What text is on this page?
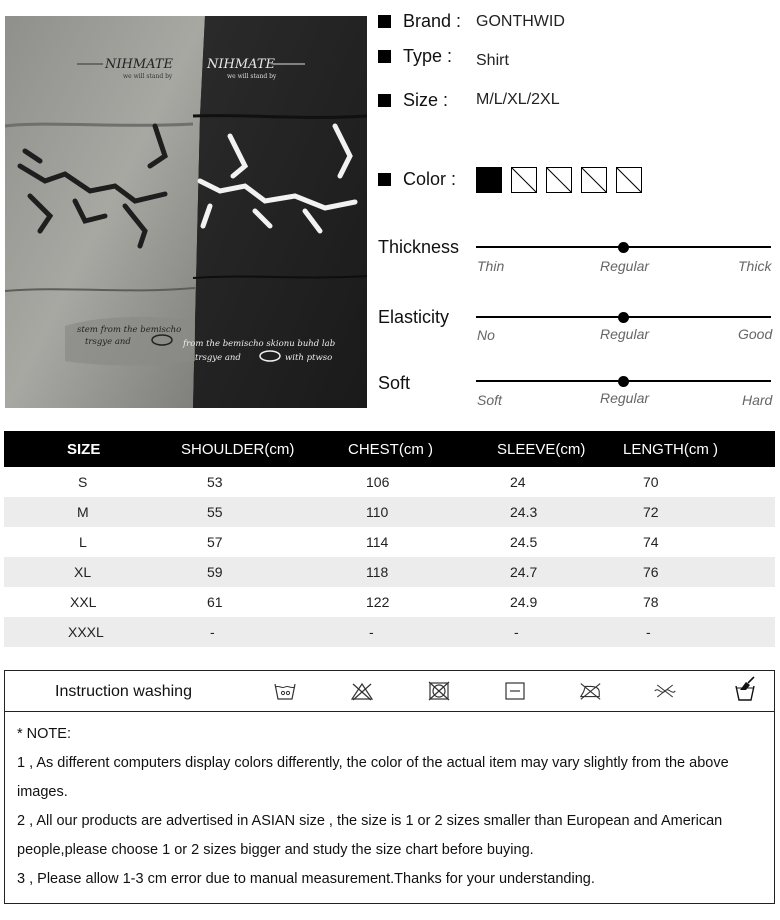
NIHMATE
we will stand by
NIHMATE
we will stand by
stem from the bemischo
trsgye and	from the bemischo skionu buhd lab
trsgye and	with ptwso
Brand : GONTHWID
Type : Shirt
Size : M/L/XL/2XL
Color :
Thickness
Thin	Regular	Thick
Elasticity
No	Regular	Good
Soft
Soft	Regular	Hard
SIZE	SHOULDER(cm)	CHEST(cm )	SLEEVE(cm)	LENGTH(cm )
S	53	106	24	70
M	55	110	24.3	72
L	57	114	24.5	74
XL	59	118	24.7	76
XXL	61	122	24.9	78
XXXL	-	-	-	-
Instruction washing
* NOTE:
1 , As different computers display colors differently, the color of the actual item may vary slightly from the above
images.
2 , All our products are advertised in ASIAN size , the size is 1 or 2 sizes smaller than European and American
people,please choose 1 or 2 sizes bigger and study the size chart before buying.
3 , Please allow 1-3 cm error due to manual measurement.Thanks for your understanding.
